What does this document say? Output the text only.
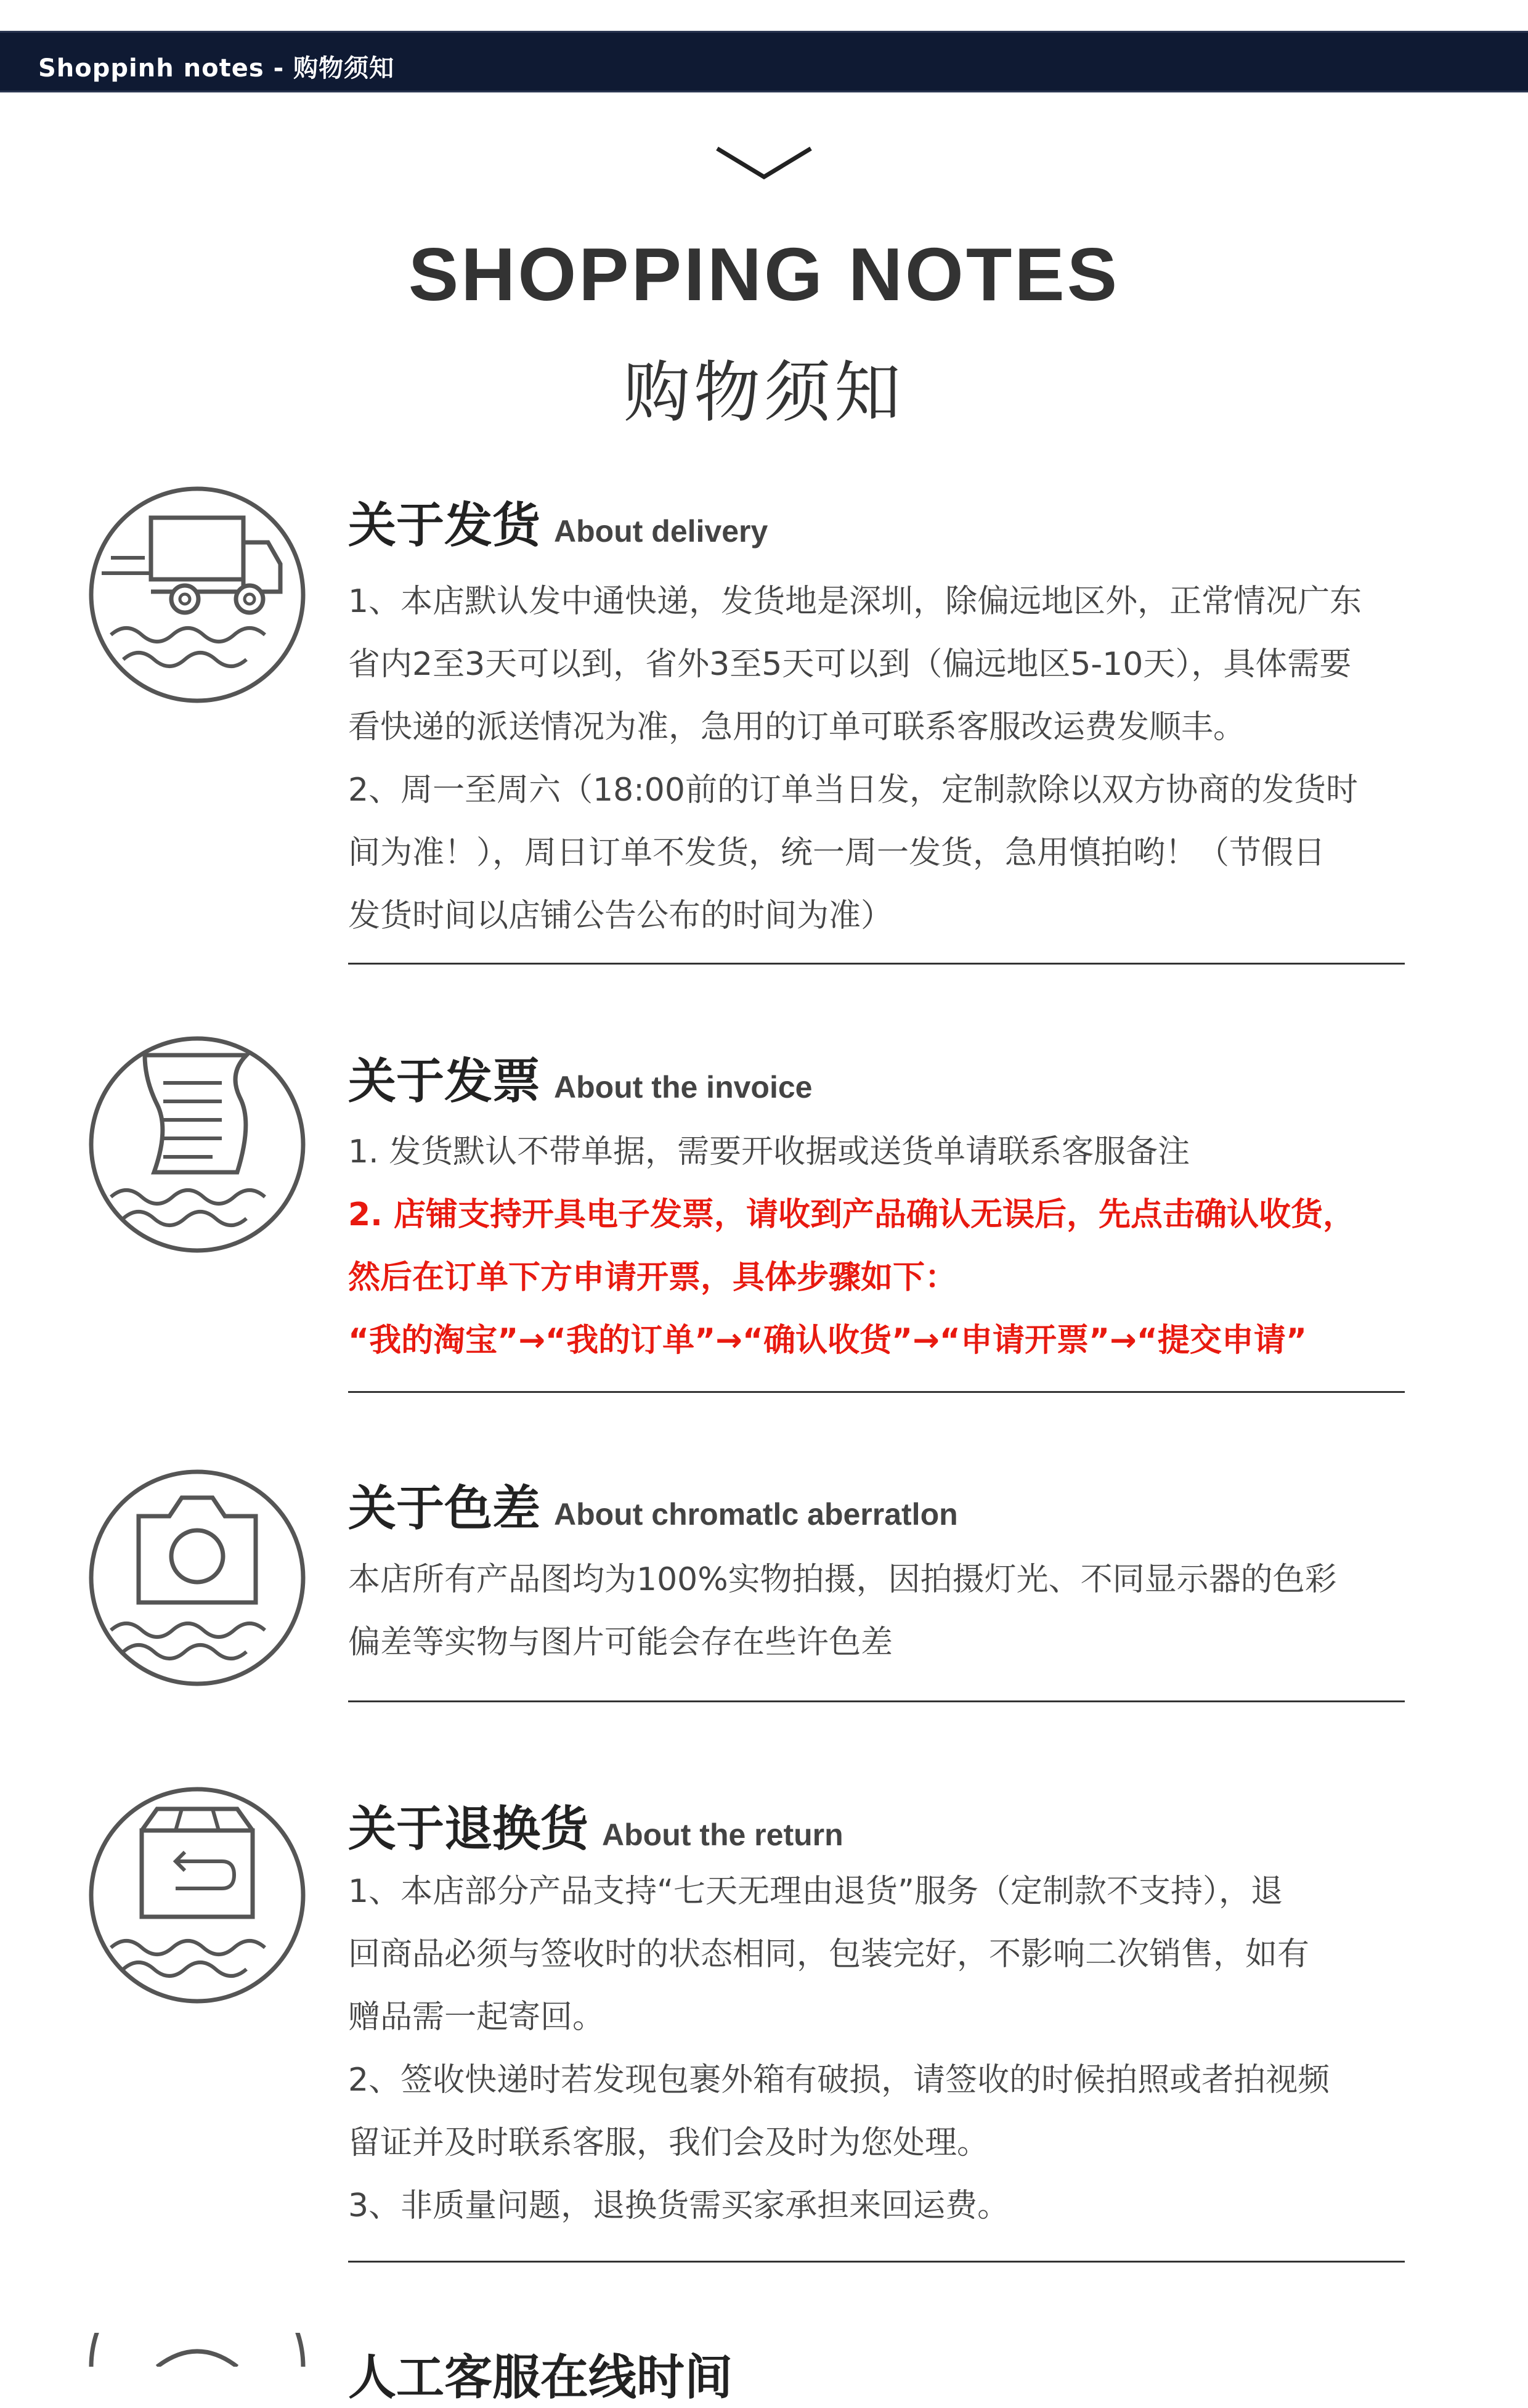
Shoppinh notes - 购物须知
SHOPPING NOTES
购物须知
关于发货 About delivery
1、本店默认发中通快递，发货地是深圳，除偏远地区外，正常情况广东
省内2至3天可以到，省外3至5天可以到（偏远地区5-10天），具体需要
看快递的派送情况为准，急用的订单可联系客服改运费发顺丰。
2、周一至周六（18:00前的订单当日发，定制款除以双方协商的发货时
间为准！），周日订单不发货，统一周一发货，急用慎拍哟！（节假日
发货时间以店铺公告公布的时间为准）
关于发票 About the invoice
1. 发货默认不带单据，需要开收据或送货单请联系客服备注
2. 店铺支持开具电子发票，请收到产品确认无误后，先点击确认收货，
然后在订单下方申请开票，具体步骤如下：
“我的淘宝”→“我的订单”→“确认收货”→“申请开票”→“提交申请”
关于色差 About chromatlc aberratlon
本店所有产品图均为100%实物拍摄，因拍摄灯光、不同显示器的色彩
偏差等实物与图片可能会存在些许色差
关于退换货 About the return
1、本店部分产品支持“七天无理由退货”服务（定制款不支持），退
回商品必须与签收时的状态相同，包装完好，不影响二次销售，如有
赠品需一起寄回。
2、签收快递时若发现包裹外箱有破损，请签收的时候拍照或者拍视频
留证并及时联系客服，我们会及时为您处理。
3、非质量问题，退换货需买家承担来回运费。
人工客服在线时间
